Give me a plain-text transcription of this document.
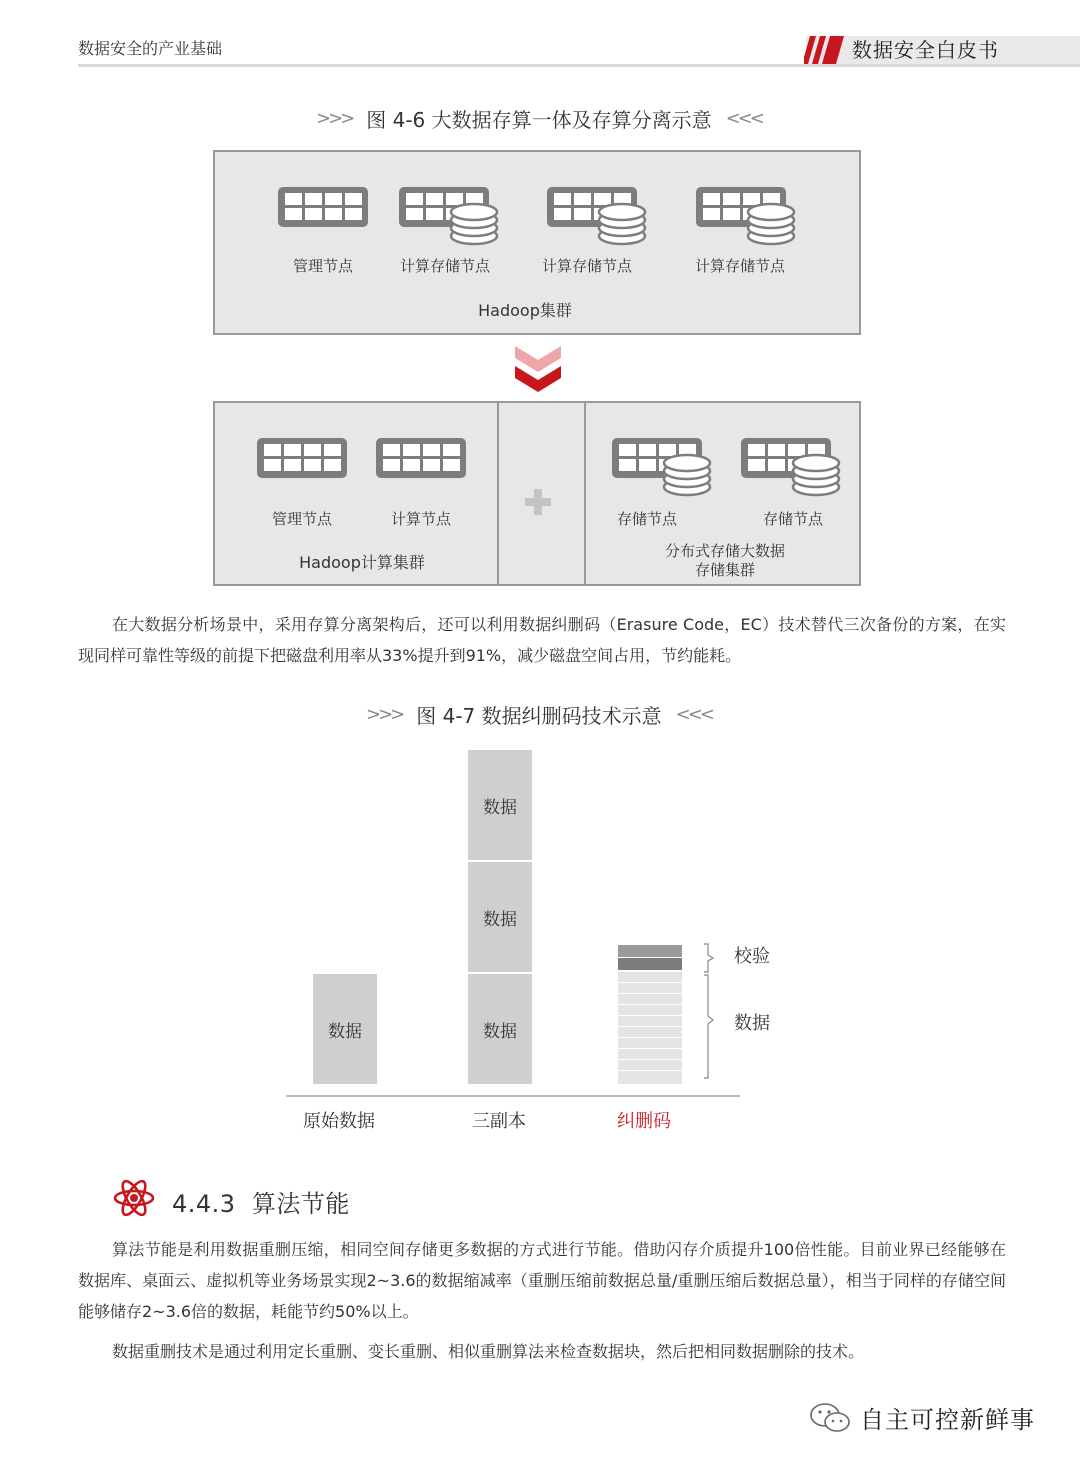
数据安全的产业基础	数据安全白皮书
>>> 图 4-6 大数据存算一体及存算分离示意 <<<
管理节点	计算存储节点	计算存储节点	计算存储节点
Hadoop集群
管理节点	计算节点
Hadoop计算集群
存储节点	存储节点
分布式存储大数据
存储集群
在大数据分析场景中，采用存算分离架构后，还可以利用数据纠删码（Erasure Code，EC）技术替代三次备份的方案，在实现同样可靠性等级的前提下把磁盘利用率从33%提升到91%，减少磁盘空间占用，节约能耗。
>>> 图 4-7 数据纠删码技术示意 <<<
数据
数据
数据
数据
校验
数据
原始数据	三副本	纠删码
4.4.3 算法节能
算法节能是利用数据重删压缩，相同空间存储更多数据的方式进行节能。借助闪存介质提升100倍性能。目前业界已经能够在数据库、桌面云、虚拟机等业务场景实现2~3.6的数据缩减率（重删压缩前数据总量/重删压缩后数据总量），相当于同样的存储空间能够储存2~3.6倍的数据，耗能节约50%以上。
数据重删技术是通过利用定长重删、变长重删、相似重删算法来检查数据块，然后把相同数据删除的技术。
自主可控新鲜事
